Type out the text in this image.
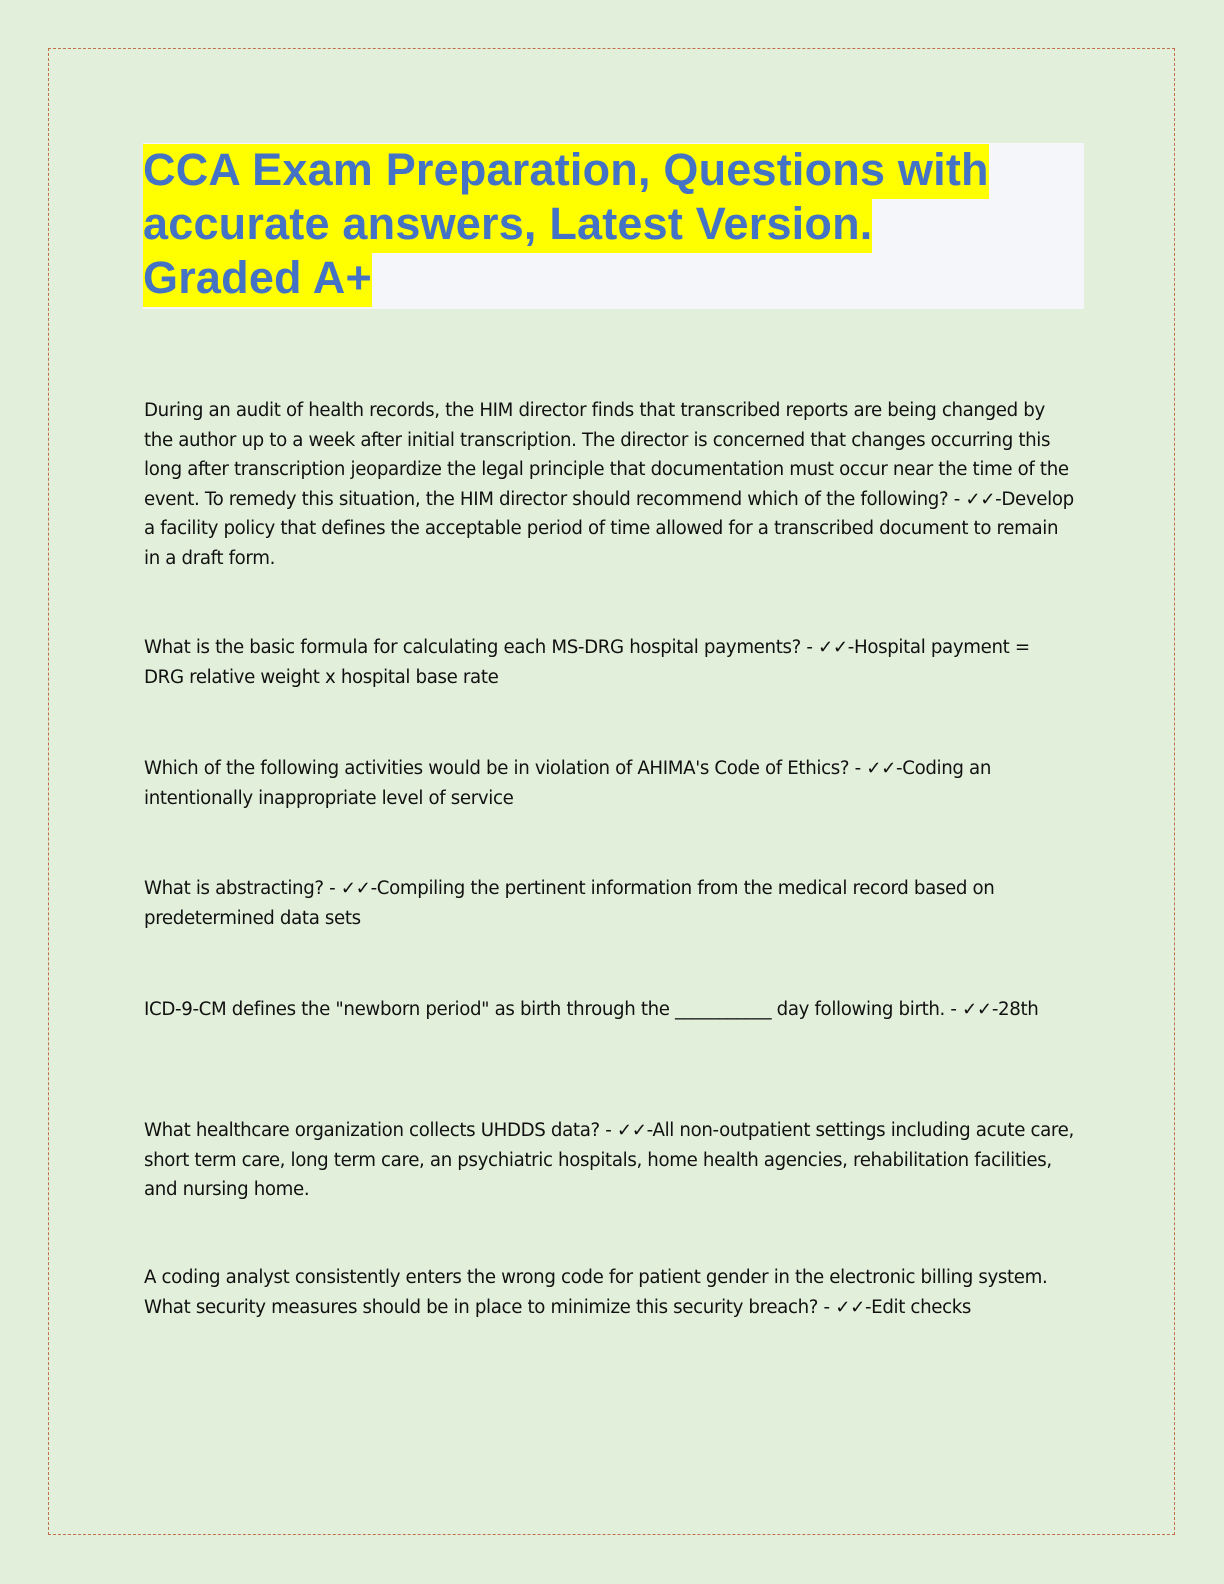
CCA Exam Preparation, Questions with
accurate answers, Latest Version.
Graded A+

During an audit of health records, the HIM director finds that transcribed reports are being changed by the author up to a week after initial transcription. The director is concerned that changes occurring this long after transcription jeopardize the legal principle that documentation must occur near the time of the event. To remedy this situation, the HIM director should recommend which of the following? - ✓✓-Develop a facility policy that defines the acceptable period of time allowed for a transcribed document to remain in a draft form.

What is the basic formula for calculating each MS-DRG hospital payments? - ✓✓-Hospital payment = DRG relative weight x hospital base rate

Which of the following activities would be in violation of AHIMA's Code of Ethics? - ✓✓-Coding an intentionally inappropriate level of service

What is abstracting? - ✓✓-Compiling the pertinent information from the medical record based on predetermined data sets

ICD-9-CM defines the "newborn period" as birth through the ___________ day following birth. - ✓✓-28th

What healthcare organization collects UHDDS data? - ✓✓-All non-outpatient settings including acute care, short term care, long term care, an psychiatric hospitals, home health agencies, rehabilitation facilities, and nursing home.

A coding analyst consistently enters the wrong code for patient gender in the electronic billing system. What security measures should be in place to minimize this security breach? - ✓✓-Edit checks
